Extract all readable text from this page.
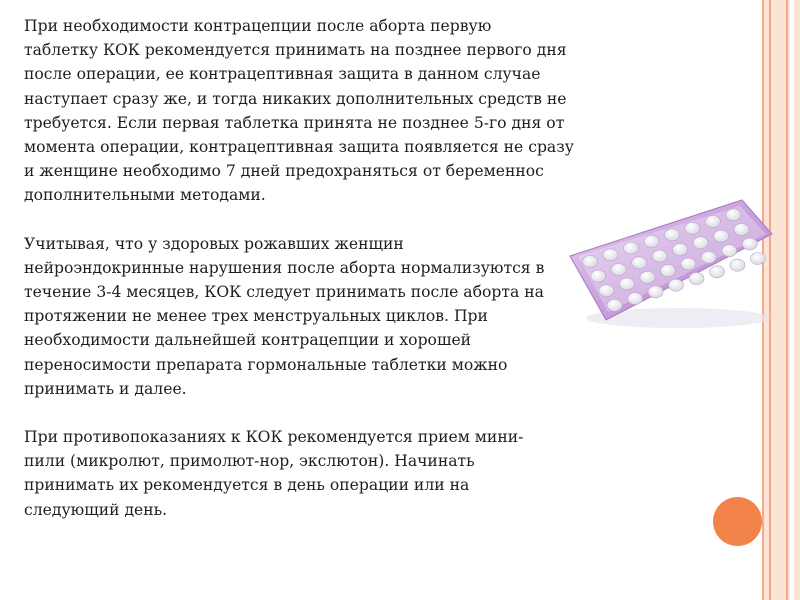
При необходимости контрацепции после аборта первую
таблетку КОК рекомендуется принимать на позднее первого дня
после операции, ее контрацептивная защита в данном случае
наступает сразу же, и тогда никаких дополнительных средств не
требуется. Если первая таблетка принята не позднее 5-го дня от
момента операции, контрацептивная защита появляется не сразу
и женщине необходимо 7 дней предохраняться от беременнос
дополнительными методами.

Учитывая, что у здоровых рожавших женщин
нейроэндокринные нарушения после аборта нормализуются в
течение 3-4 месяцев, КОК следует принимать после аборта на
протяжении не менее трех менструальных циклов. При
необходимости дальнейшей контрацепции и хорошей
переносимости препарата гормональные таблетки можно
принимать и далее.

При противопоказаниях к КОК рекомендуется прием мини-
пили (микролют, примолют-нор, экслютон). Начинать
принимать их рекомендуется в день операции или на
следующий день.
